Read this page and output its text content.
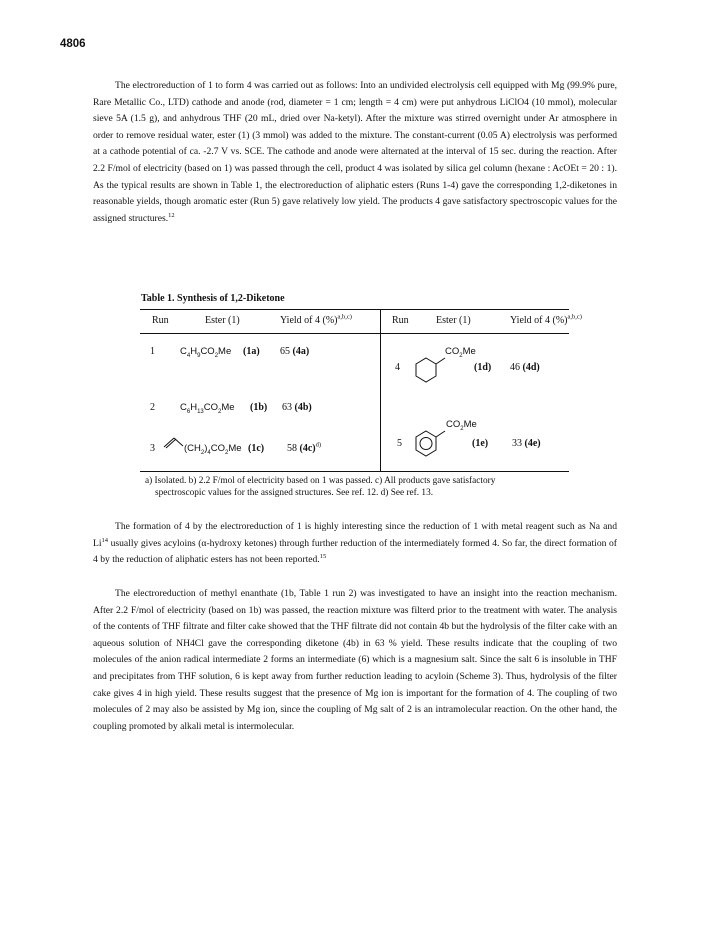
4806

The electroreduction of 1 to form 4 was carried out as follows: Into an undivided electrolysis cell equipped with Mg (99.9% pure, Rare Metallic Co., LTD) cathode and anode (rod, diameter = 1 cm; length = 4 cm) were put anhydrous LiClO4 (10 mmol), molecular sieve 5A (1.5 g), and anhydrous THF (20 mL, dried over Na-ketyl). After the mixture was stirred overnight under Ar atmosphere in order to remove residual water, ester (1) (3 mmol) was added to the mixture. The constant-current (0.05 A) electrolysis was performed at a cathode potential of ca. -2.7 V vs. SCE. The cathode and anode were alternated at the interval of 15 sec. during the reaction. After 2.2 F/mol of electricity (based on 1) was passed through the cell, product 4 was isolated by silica gel column (hexane : AcOEt = 20 : 1). As the typical results are shown in Table 1, the electroreduction of aliphatic esters (Runs 1-4) gave the corresponding 1,2-diketones in reasonable yields, though aromatic ester (Run 5) gave relatively low yield. The products 4 gave satisfactory spectroscopic values for the assigned structures.$^{12}$

Table 1. Synthesis of 1,2-Diketone
Run	Ester (1)	Yield of 4 (%)$^{a,b,c)}$	Run	Ester (1)	Yield of 4 (%)$^{a,b,c)}$
1	$C_4H_9CO_2Me$ (1a) 65 (4a)
2	$C_6H_{13}CO_2Me$ (1b) 63 (4b)
3	$(CH_2)_4CO_2Me$ (1c) 58 $(4c)^{d)}$
4
$CO_2Me$
(1d) 46 (4d)
5
$CO_2Me$
(1e) 33 (4e)

a) Isolated. b) 2.2 F/mol of electricity based on 1 was passed. c) All products gave satisfactory

spectroscopic values for the assigned structures. See ref. 12. d) See ref. 13.

The formation of 4 by the electroreduction of 1 is highly interesting since the reduction of 1 with metal reagent such as Na and Li$^{14}$ usually gives acyloins (α-hydroxy ketones) through further reduction of the intermediately formed 4. So far, the direct formation of 4 by the reduction of aliphatic esters has not been reported.$^{15}$

The electroreduction of methyl enanthate (1b, Table 1 run 2) was investigated to have an insight into the reaction mechanism. After 2.2 F/mol of electricity (based on 1b) was passed, the reaction mixture was filterd prior to the treatment with water. The analysis of the contents of THF filtrate and filter cake showed that the THF filtrate did not contain 4b but the hydrolysis of the filter cake with an aqueous solution of NH4Cl gave the corresponding diketone (4b) in 63 % yield. These results indicate that the coupling of two molecules of the anion radical intermediate 2 forms an intermediate (6) which is a magnesium salt. Since the salt 6 is insoluble in THF and precipitates from THF solution, 6 is kept away from further reduction leading to acyloin (Scheme 3). Thus, hydrolysis of the filter cake gives 4 in high yield. These results suggest that the presence of Mg ion is important for the formation of 4. The coupling of two molecules of 2 may also be assisted by Mg ion, since the coupling of Mg salt of 2 is an intramolecular reaction. On the other hand, the coupling promoted by alkali metal is intermolecular.
